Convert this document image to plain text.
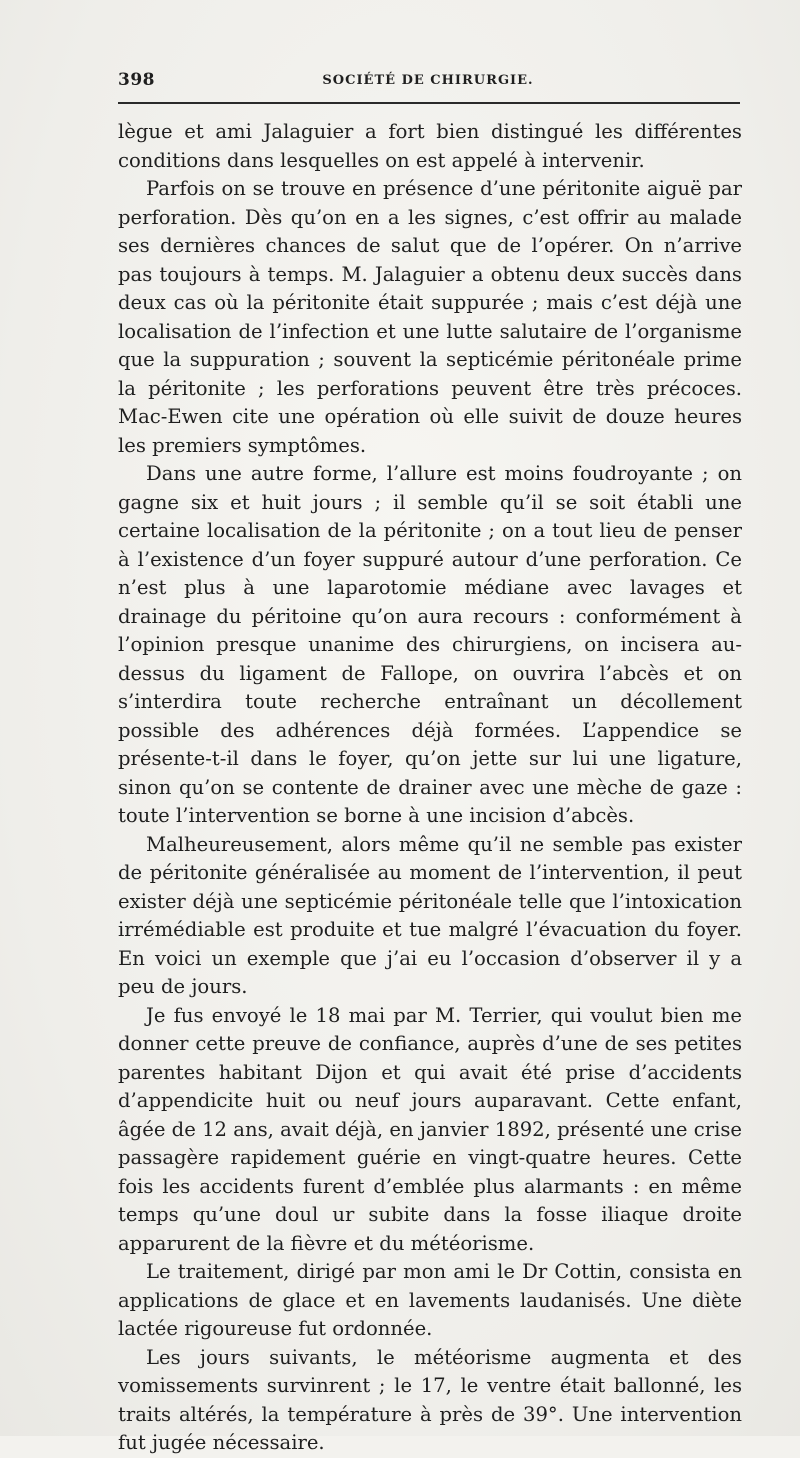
398	SOCIÉTÉ DE CHIRURGIE.

lègue et ami Jalaguier a fort bien distingué les différentes conditions dans lesquelles on est appelé à intervenir.

Parfois on se trouve en présence d’une péritonite aiguë par perforation. Dès qu’on en a les signes, c’est offrir au malade ses dernières chances de salut que de l’opérer. On n’arrive pas toujours à temps. M. Jalaguier a obtenu deux succès dans deux cas où la péritonite était suppurée ; mais c’est déjà une localisation de l’infection et une lutte salutaire de l’organisme que la suppuration ; souvent la septicémie péritonéale prime la péritonite ; les perforations peuvent être très précoces. Mac-Ewen cite une opération où elle suivit de douze heures les premiers symptômes.

Dans une autre forme, l’allure est moins foudroyante ; on gagne six et huit jours ; il semble qu’il se soit établi une certaine localisation de la péritonite ; on a tout lieu de penser à l’existence d’un foyer suppuré autour d’une perforation. Ce n’est plus à une laparotomie médiane avec lavages et drainage du péritoine qu’on aura recours : conformément à l’opinion presque unanime des chirurgiens, on incisera au-dessus du ligament de Fallope, on ouvrira l’abcès et on s’interdira toute recherche entraînant un décollement possible des adhérences déjà formées. L’appendice se présente-t-il dans le foyer, qu’on jette sur lui une ligature, sinon qu’on se contente de drainer avec une mèche de gaze : toute l’intervention se borne à une incision d’abcès.

Malheureusement, alors même qu’il ne semble pas exister de péritonite généralisée au moment de l’intervention, il peut exister déjà une septicémie péritonéale telle que l’intoxication irrémédiable est produite et tue malgré l’évacuation du foyer. En voici un exemple que j’ai eu l’occasion d’observer il y a peu de jours.

Je fus envoyé le 18 mai par M. Terrier, qui voulut bien me donner cette preuve de confiance, auprès d’une de ses petites parentes habitant Dijon et qui avait été prise d’accidents d’appendicite huit ou neuf jours auparavant. Cette enfant, âgée de 12 ans, avait déjà, en janvier 1892, présenté une crise passagère rapidement guérie en vingt-quatre heures. Cette fois les accidents furent d’emblée plus alarmants : en même temps qu’une doul ur subite dans la fosse iliaque droite apparurent de la fièvre et du météorisme.

Le traitement, dirigé par mon ami le Dr Cottin, consista en applications de glace et en lavements laudanisés. Une diète lactée rigoureuse fut ordonnée.

Les jours suivants, le météorisme augmenta et des vomissements survinrent ; le 17, le ventre était ballonné, les traits altérés, la température à près de 39°. Une intervention fut jugée nécessaire.
